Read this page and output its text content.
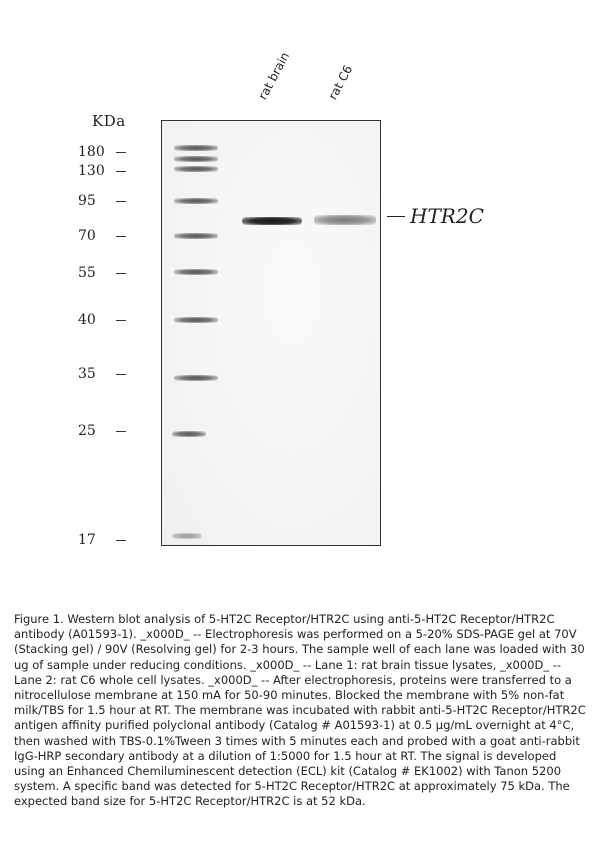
rat brain	rat C6
KDa
180
130
95
70
55
40
35
25
17
HTR2C

Figure 1. Western blot analysis of 5-HT2C Receptor/HTR2C using anti-5-HT2C Receptor/HTR2C antibody (A01593-1). _x000D_ -- Electrophoresis was performed on a 5-20% SDS-PAGE gel at 70V (Stacking gel) / 90V (Resolving gel) for 2-3 hours. The sample well of each lane was loaded with 30 ug of sample under reducing conditions. _x000D_ -- Lane 1: rat brain tissue lysates, _x000D_ -- Lane 2: rat C6 whole cell lysates. _x000D_ -- After electrophoresis, proteins were transferred to a nitrocellulose membrane at 150 mA for 50-90 minutes. Blocked the membrane with 5% non-fat milk/TBS for 1.5 hour at RT. The membrane was incubated with rabbit anti-5-HT2C Receptor/HTR2C antigen affinity purified polyclonal antibody (Catalog # A01593-1) at 0.5 μg/mL overnight at 4°C, then washed with TBS-0.1%Tween 3 times with 5 minutes each and probed with a goat anti-rabbit IgG-HRP secondary antibody at a dilution of 1:5000 for 1.5 hour at RT. The signal is developed using an Enhanced Chemiluminescent detection (ECL) kit (Catalog # EK1002) with Tanon 5200 system. A specific band was detected for 5-HT2C Receptor/HTR2C at approximately 75 kDa. The expected band size for 5-HT2C Receptor/HTR2C is at 52 kDa.
